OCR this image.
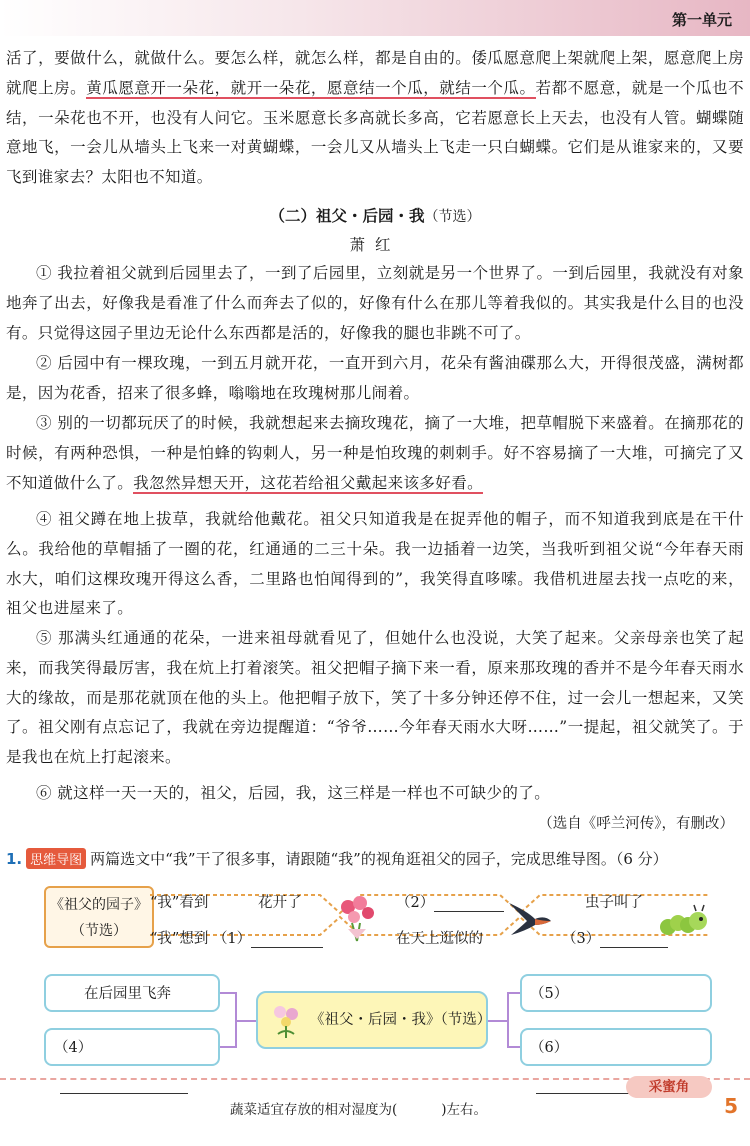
第一单元

活了，要做什么，就做什么。要怎么样，就怎么样，都是自由的。倭瓜愿意爬上架就爬上架，愿意爬上房就爬上房。黄瓜愿意开一朵花，就开一朵花，愿意结一个瓜，就结一个瓜。若都不愿意，就是一个瓜也不结，一朵花也不开，也没有人问它。玉米愿意长多高就长多高，它若愿意长上天去，也没有人管。蝴蝶随意地飞，一会儿从墙头上飞来一对黄蝴蝶，一会儿又从墙头上飞走一只白蝴蝶。它们是从谁家来的，又要飞到谁家去？太阳也不知道。

（二）祖父・后园・我（节选）
萧红

① 我拉着祖父就到后园里去了，一到了后园里，立刻就是另一个世界了。一到后园里，我就没有对象地奔了出去，好像我是看准了什么而奔去了似的，好像有什么在那儿等着我似的。其实我是什么目的也没有。只觉得这园子里边无论什么东西都是活的，好像我的腿也非跳不可了。

② 后园中有一棵玫瑰，一到五月就开花，一直开到六月，花朵有酱油碟那么大，开得很茂盛，满树都是，因为花香，招来了很多蜂，嗡嗡地在玫瑰树那儿闹着。

③ 别的一切都玩厌了的时候，我就想起来去摘玫瑰花，摘了一大堆，把草帽脱下来盛着。在摘那花的时候，有两种恐惧，一种是怕蜂的钩刺人，另一种是怕玫瑰的刺刺手。好不容易摘了一大堆，可摘完了又不知道做什么了。我忽然异想天开，这花若给祖父戴起来该多好看。

④ 祖父蹲在地上拔草，我就给他戴花。祖父只知道我是在捉弄他的帽子，而不知道我到底是在干什么。我给他的草帽插了一圈的花，红通通的二三十朵。我一边插着一边笑，当我听到祖父说“今年春天雨水大，咱们这棵玫瑰开得这么香，二里路也怕闻得到的”，我笑得直哆嗦。我借机进屋去找一点吃的来，祖父也进屋来了。

⑤ 那满头红通通的花朵，一进来祖母就看见了，但她什么也没说，大笑了起来。父亲母亲也笑了起来，而我笑得最厉害，我在炕上打着滚笑。祖父把帽子摘下来一看，原来那玫瑰的香并不是今年春天雨水大的缘故，而是那花就顶在他的头上。他把帽子放下，笑了十多分钟还停不住，过一会儿一想起来，又笑了。祖父刚有点忘记了，我就在旁边提醒道：“爷爷……今年春天雨水大呀……”一提起，祖父就笑了。于是我也在炕上打起滚来。

⑥ 就这样一天一天的，祖父，后园，我，这三样是一样也不可缺少的了。

（选自《呼兰河传》，有删改）
1. 思维导图 两篇选文中“我”干了很多事，请跟随“我”的视角逛祖父的园子，完成思维导图。（6 分）
《祖父的园子》
（节选）
“我”看到	花开了	（2）	虫子叫了
“我”想到 （1）	在天上逛似的	（3）
在后园里飞奔
（4）
《祖父・后园・我》（节选）
（5）
（6）
采蜜角
蔬菜适宜存放的相对湿度为(	)左右。	5
